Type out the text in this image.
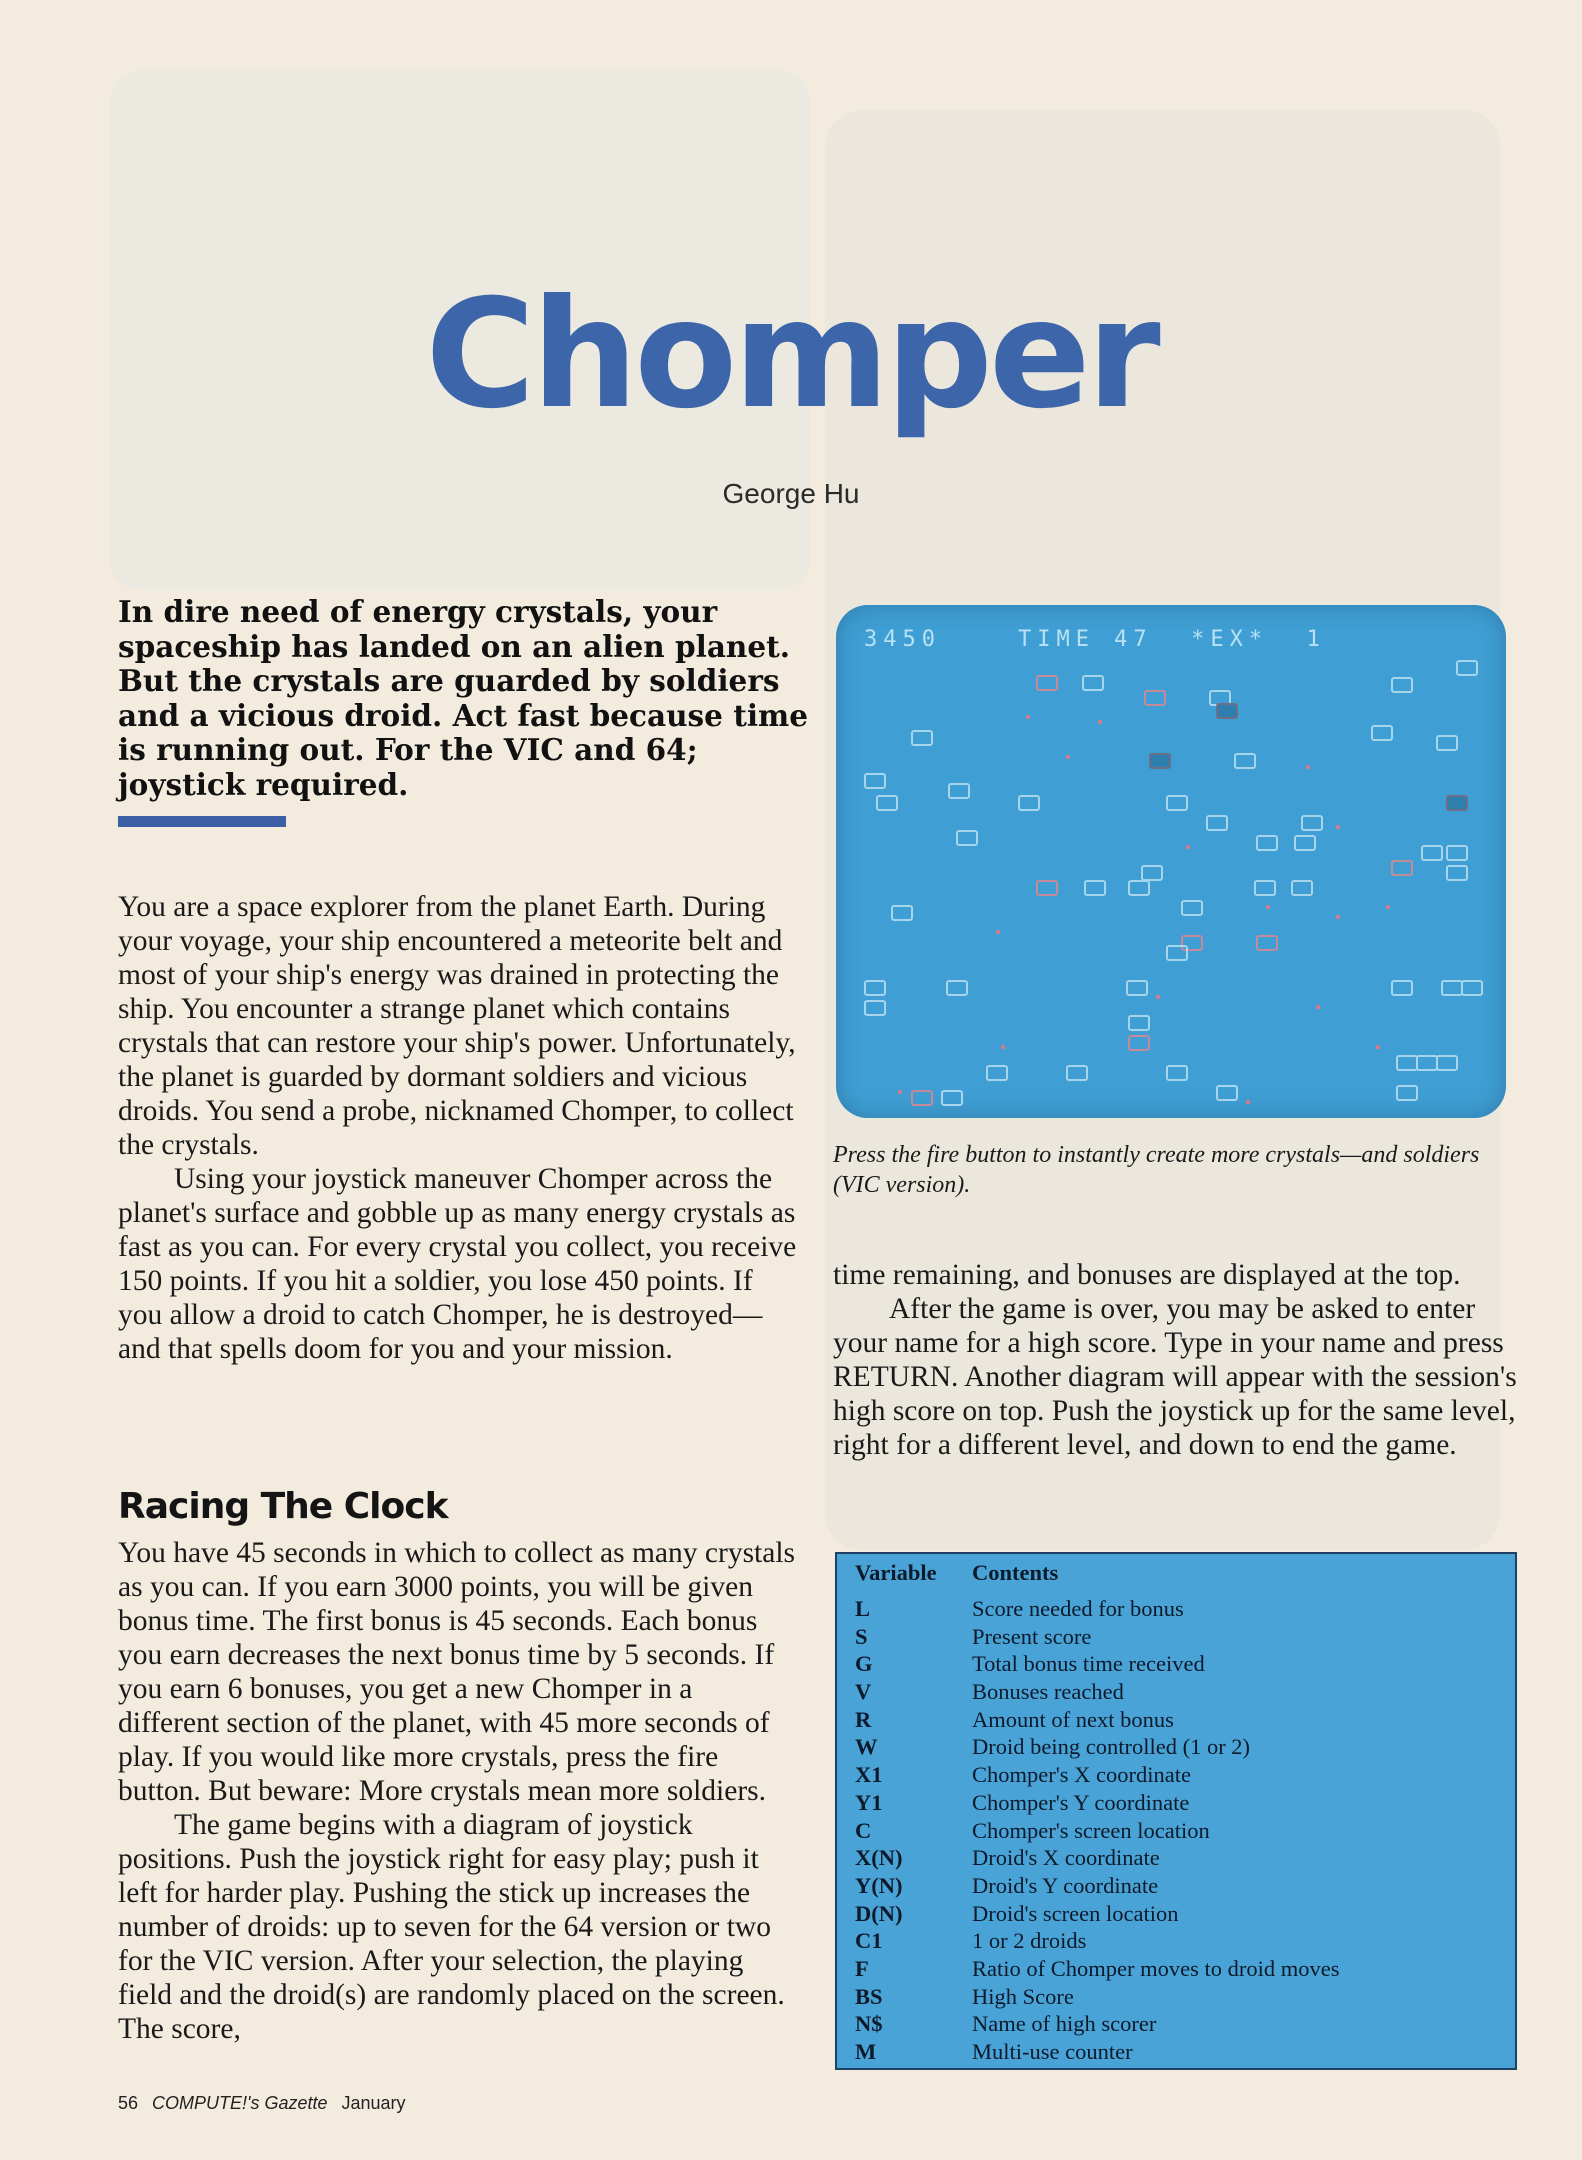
Chomper
George Hu
In dire need of energy crystals, your spaceship has landed on an alien planet. But the crystals are guarded by soldiers and a vicious droid. Act fast because time is running out. For the VIC and 64; joystick required.

You are a space explorer from the planet Earth. During your voyage, your ship encountered a meteorite belt and most of your ship's energy was drained in protecting the ship. You encounter a strange planet which contains crystals that can restore your ship's power. Unfortunately, the planet is guarded by dormant soldiers and vicious droids. You send a probe, nicknamed Chomper, to collect the crystals.

Using your joystick maneuver Chomper across the planet's surface and gobble up as many energy crystals as fast as you can. For every crystal you collect, you receive 150 points. If you hit a soldier, you lose 450 points. If you allow a droid to catch Chomper, he is destroyed—and that spells doom for you and your mission.

Racing The Clock

You have 45 seconds in which to collect as many crystals as you can. If you earn 3000 points, you will be given bonus time. The first bonus is 45 seconds. Each bonus you earn decreases the next bonus time by 5 seconds. If you earn 6 bonuses, you get a new Chomper in a different section of the planet, with 45 more seconds of play. If you would like more crystals, press the fire button. But beware: More crystals mean more soldiers.

The game begins with a diagram of joystick positions. Push the joystick right for easy play; push it left for harder play. Pushing the stick up increases the number of droids: up to seven for the 64 version or two for the VIC version. After your selection, the playing field and the droid(s) are randomly placed on the screen. The score,

3450    TIME 47  *EX*  1
Press the fire button to instantly create more crystals—and soldiers (VIC version).

time remaining, and bonuses are displayed at the top.

After the game is over, you may be asked to enter your name for a high score. Type in your name and press RETURN. Another diagram will appear with the session's high score on top. Push the joystick up for the same level, right for a different level, and down to end the game.

Variable Contents
L	Score needed for bonus
S	Present score
G	Total bonus time received
V	Bonuses reached
R	Amount of next bonus
W	Droid being controlled (1 or 2)
X1	Chomper's X coordinate
Y1	Chomper's Y coordinate
C	Chomper's screen location
X(N)	Droid's X coordinate
Y(N)	Droid's Y coordinate
D(N)	Droid's screen location
C1	1 or 2 droids
F	Ratio of Chomper moves to droid moves
BS	High Score
N$	Name of high scorer
M	Multi-use counter
56 COMPUTE!'s Gazette January
